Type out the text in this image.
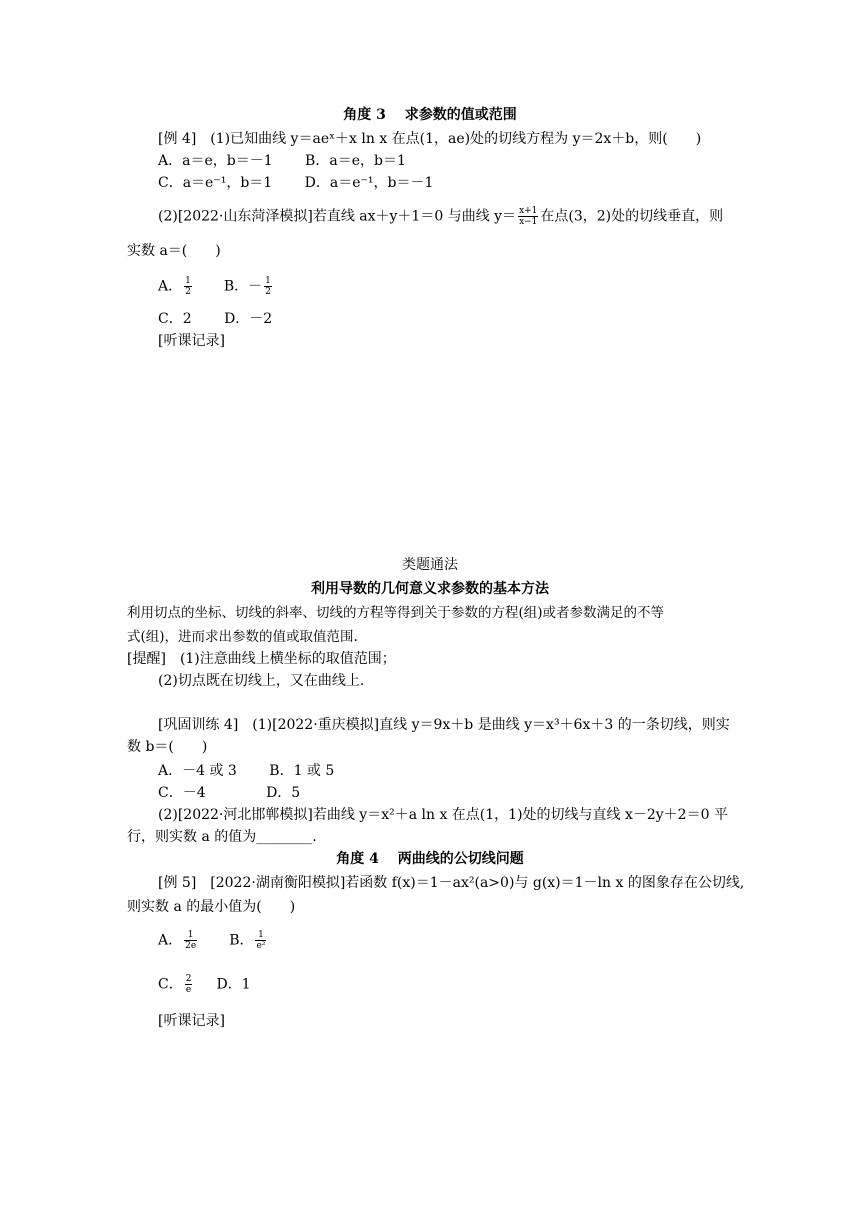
角度 3　 求参数的值或范围
[例 4]　(1)已知曲线 y＝aeˣ＋x ln x 在点(1，ae)处的切线方程为 y＝2x＋b，则(　　)
A．a＝e，b＝－1　　 B．a＝e，b＝1
C．a＝e⁻¹，b＝1　　 D．a＝e⁻¹，b＝－1
(2)[2022·山东菏泽模拟]若直线 ax＋y＋1＝0 与曲线 $y= \frac{x+1}{x-1}$ 在点(3，2)处的切线垂直，则
实数 a＝(　　)
A． $\frac{1}{2}$ B．－ $\frac{1}{2}$
C．2　　 D．－2
[听课记录]
类题通法
利用导数的几何意义求参数的基本方法
利用切点的坐标、切线的斜率、切线的方程等得到关于参数的方程(组)或者参数满足的不等
式(组)，进而求出参数的值或取值范围.
[提醒] (1)注意曲线上横坐标的取值范围；
(2)切点既在切线上，又在曲线上.
[巩固训练 4]　(1)[2022·重庆模拟]直线 y＝9x＋b 是曲线 y＝x³＋6x＋3 的一条切线，则实
数 b＝(　　)
A．－4 或 3　　 B．1 或 5
C．－4　　　　 D．5
(2)[2022·河北邯郸模拟]若曲线 y＝x²＋a ln x 在点(1，1)处的切线与直线 x－2y＋2＝0 平
行，则实数 a 的值为________.
角度 4　 两曲线的公切线问题
[例 5]　[2022·湖南衡阳模拟]若函数 f(x)＝1－ax²(a>0)与 g(x)＝1－ln x 的图象存在公切线,
则实数 a 的最小值为(　　)
A． $\frac{1}{2e}$ B． $\frac{1}{\text{e²}}$
C． $\frac{2}{e}$ D．1
[听课记录]
